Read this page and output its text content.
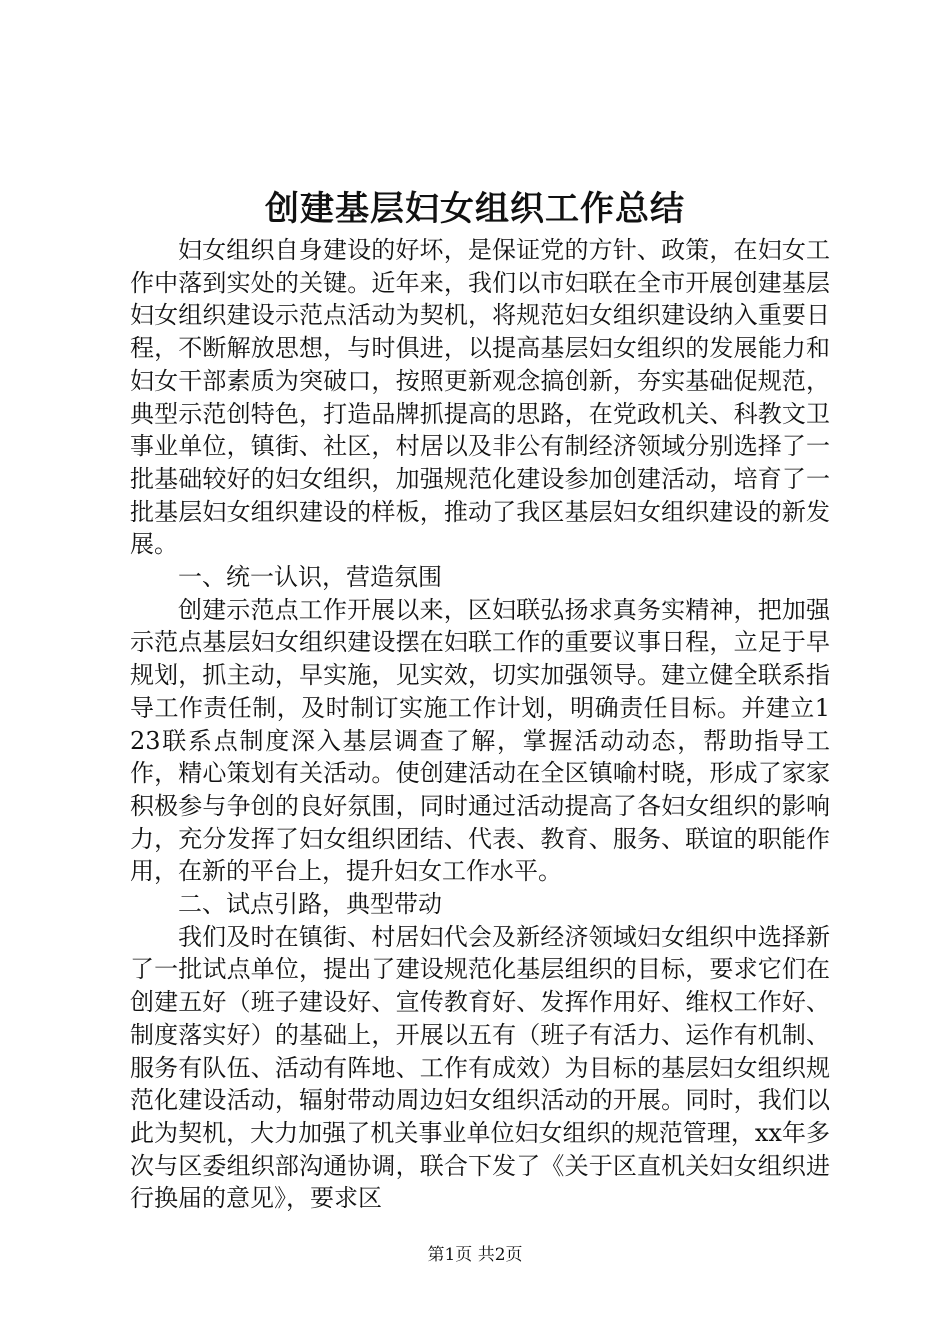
创建基层妇女组织工作总结

妇女组织自身建设的好坏，是保证党的方针、政策，在妇女工作中落到实处的关键。近年来，我们以市妇联在全市开展创建基层妇女组织建设示范点活动为契机，将规范妇女组织建设纳入重要日程，不断解放思想，与时俱进，以提高基层妇女组织的发展能力和妇女干部素质为突破口，按照更新观念搞创新，夯实基础促规范，典型示范创特色，打造品牌抓提高的思路，在党政机关、科教文卫事业单位，镇街、社区，村居以及非公有制经济领域分别选择了一批基础较好的妇女组织，加强规范化建设参加创建活动，培育了一批基层妇女组织建设的样板，推动了我区基层妇女组织建设的新发展。

一、统一认识，营造氛围

创建示范点工作开展以来，区妇联弘扬求真务实精神，把加强示范点基层妇女组织建设摆在妇联工作的重要议事日程，立足于早规划，抓主动，早实施，见实效，切实加强领导。建立健全联系指导工作责任制，及时制订实施工作计划，明确责任目标。并建立123联系点制度深入基层调查了解，掌握活动动态，帮助指导工作，精心策划有关活动。使创建活动在全区镇喻村晓，形成了家家积极参与争创的良好氛围，同时通过活动提高了各妇女组织的影响力，充分发挥了妇女组织团结、代表、教育、服务、联谊的职能作用，在新的平台上，提升妇女工作水平。

二、试点引路，典型带动

我们及时在镇街、村居妇代会及新经济领域妇女组织中选择新了一批试点单位，提出了建设规范化基层组织的目标，要求它们在创建五好（班子建设好、宣传教育好、发挥作用好、维权工作好、制度落实好）的基础上，开展以五有（班子有活力、运作有机制、服务有队伍、活动有阵地、工作有成效）为目标的基层妇女组织规范化建设活动，辐射带动周边妇女组织活动的开展。同时，我们以此为契机，大力加强了机关事业单位妇女组织的规范管理，xx年多次与区委组织部沟通协调，联合下发了《关于区直机关妇女组织进行换届的意见》，要求区

第1页 共2页
